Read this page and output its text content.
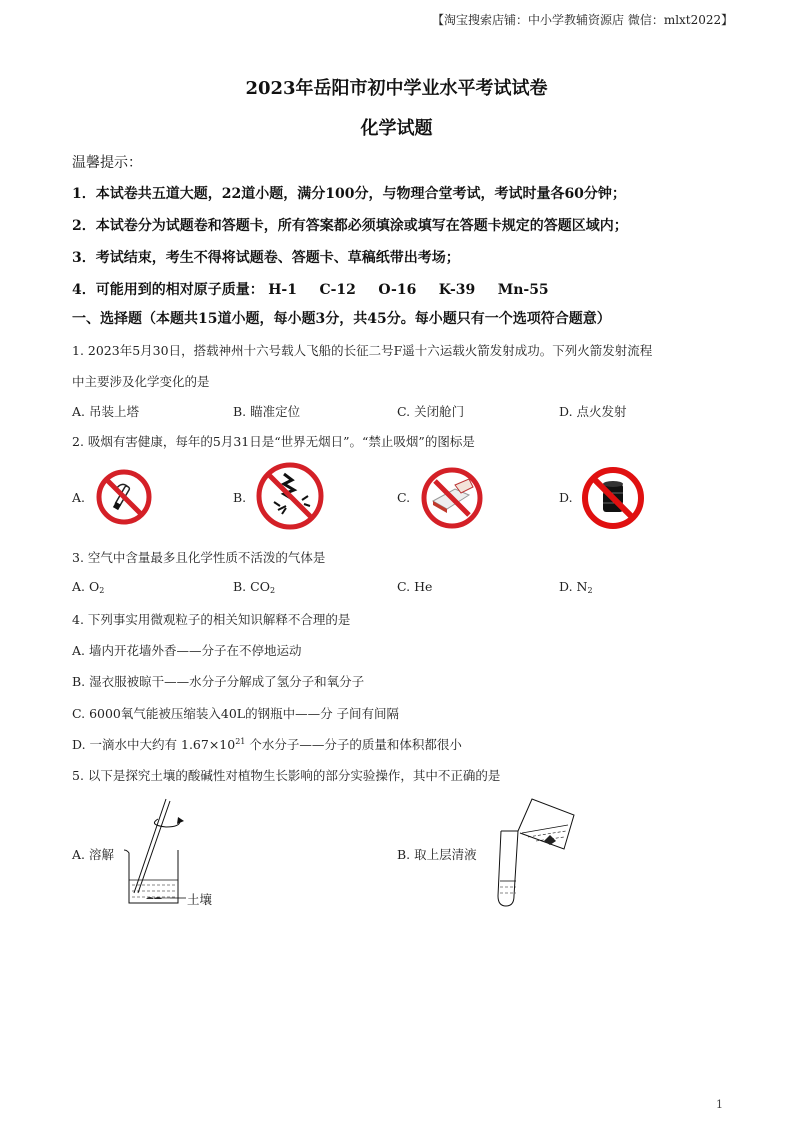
【淘宝搜索店铺：中小学教辅资源店 微信：mlxt2022】
2023年岳阳市初中学业水平考试试卷
化学试题
温馨提示：
1．本试卷共五道大题，22道小题，满分100分，与物理合堂考试，考试时量各60分钟；
2．本试卷分为试题卷和答题卡，所有答案都必须填涂或填写在答题卡规定的答题区域内；
3．考试结束，考生不得将试题卷、答题卡、草稿纸带出考场；
4．可能用到的相对原子质量： H-1 C-12 O-16 K-39 Mn-55
一、选择题（本题共15道小题，每小题3分，共45分。每小题只有一个选项符合题意）
1. 2023年5月30日，搭载神州十六号载人飞船的长征二号F遥十六运载火箭发射成功。下列火箭发射流程
中主要涉及化学变化的是
A. 吊装上塔	B. 瞄准定位	C. 关闭舱门	D. 点火发射
2. 吸烟有害健康，每年的5月31日是“世界无烟日”。“禁止吸烟”的图标是
A.	B.	C.	D.
3. 空气中含量最多且化学性质不活泼的气体是
A. $O_2$	B. $CO_2$	C. He	D. $N_2$
4. 下列事实用微观粒子的相关知识解释不合理的是
A. 墙内开花墙外香——分子在不停地运动
B. 湿衣服被晾干——水分子分解成了氢分子和氧分子
C. 6000氧气能被压缩装入40L的钢瓶中——分 子间有间隔
D. 一滴水中大约有 $1.67\times 10^{21}$ 个水分子——分子的质量和体积都很小
5. 以下是探究土壤的酸碱性对植物生长影响的部分实验操作，其中不正确的是
A. 溶解
土壤
B. 取上层清液
1
